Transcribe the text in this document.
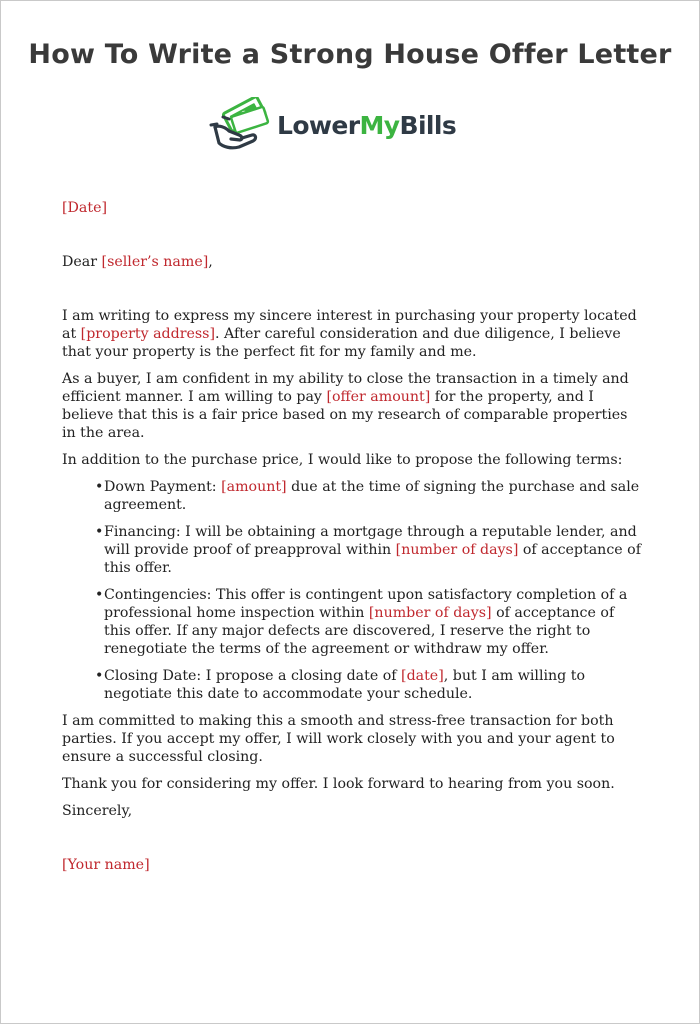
How To Write a Strong House Offer Letter
LowerMyBills

[Date]

Dear [seller’s name],

I am writing to express my sincere interest in purchasing your property located at [property address]. After careful consideration and due diligence, I believe that your property is the perfect fit for my family and me.

As a buyer, I am confident in my ability to close the transaction in a timely and efficient manner. I am willing to pay [offer amount] for the property, and I believe that this is a fair price based on my research of comparable properties in the area.

In addition to the purchase price, I would like to propose the following terms:

• Down Payment: [amount] due at the time of signing the purchase and sale agreement.
• Financing: I will be obtaining a mortgage through a reputable lender, and will provide proof of preapproval within [number of days] of acceptance of this offer.
• Contingencies: This offer is contingent upon satisfactory completion of a professional home inspection within [number of days] of acceptance of this offer. If any major defects are discovered, I reserve the right to renegotiate the terms of the agreement or withdraw my offer.
• Closing Date: I propose a closing date of [date], but I am willing to negotiate this date to accommodate your schedule.

I am committed to making this a smooth and stress-free transaction for both parties. If you accept my offer, I will work closely with you and your agent to ensure a successful closing.

Thank you for considering my offer. I look forward to hearing from you soon.

Sincerely,

[Your name]
